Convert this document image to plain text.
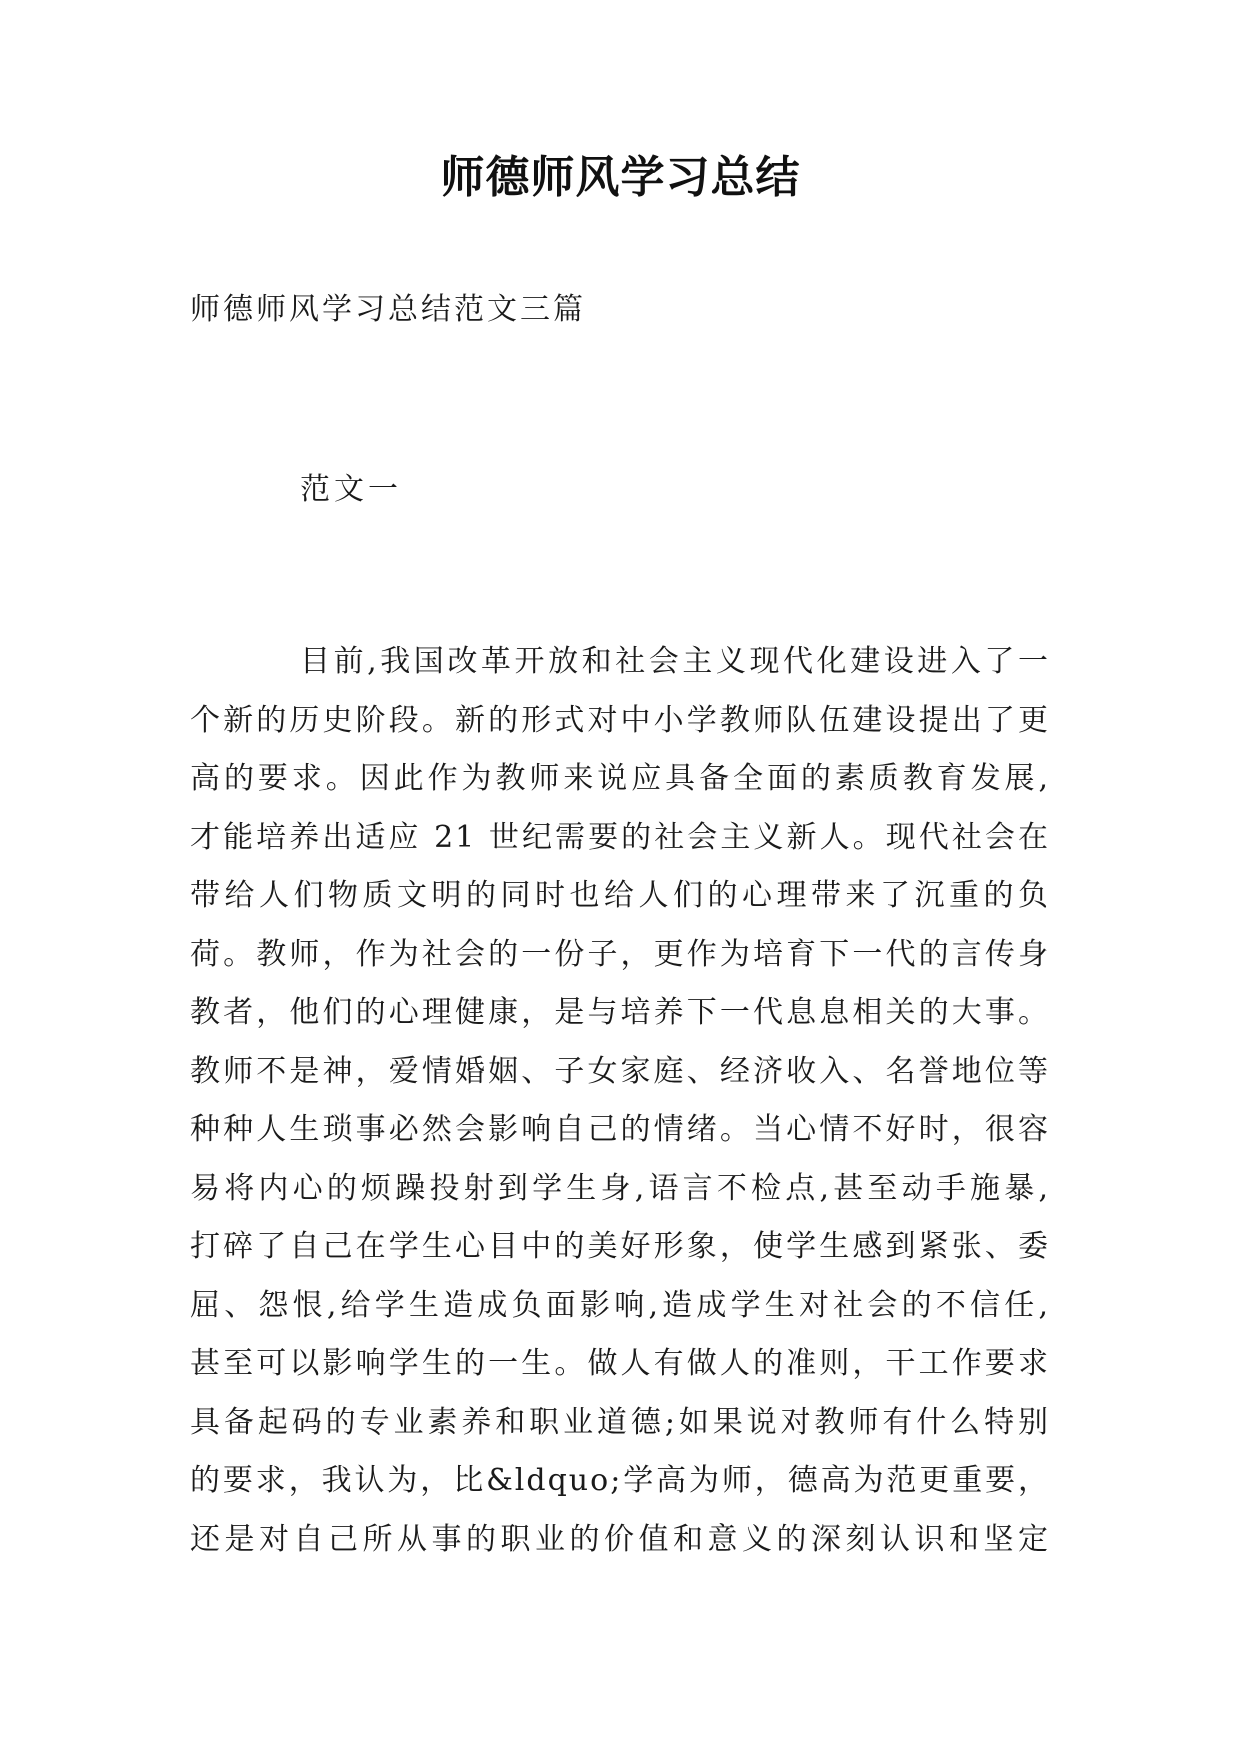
师德师风学习总结
师德师风学习总结范文三篇
范文一
目前,我国改革开放和社会主义现代化建设进入了一
个新的历史阶段。新的形式对中小学教师队伍建设提出了更
高的要求。因此作为教师来说应具备全面的素质教育发展,
才能培养出适应 21 世纪需要的社会主义新人。现代社会在
带给人们物质文明的同时也给人们的心理带来了沉重的负
荷。教师，作为社会的一份子，更作为培育下一代的言传身
教者，他们的心理健康，是与培养下一代息息相关的大事。
教师不是神，爱情婚姻、子女家庭、经济收入、名誉地位等
种种人生琐事必然会影响自己的情绪。当心情不好时，很容
易将内心的烦躁投射到学生身,语言不检点,甚至动手施暴,
打碎了自己在学生心目中的美好形象，使学生感到紧张、委
屈、怨恨,给学生造成负面影响,造成学生对社会的不信任,
甚至可以影响学生的一生。做人有做人的准则，干工作要求
具备起码的专业素养和职业道德;如果说对教师有什么特别
的要求，我认为，比&ldquo;学高为师，德高为范更重要，
还是对自己所从事的职业的价值和意义的深刻认识和坚定
